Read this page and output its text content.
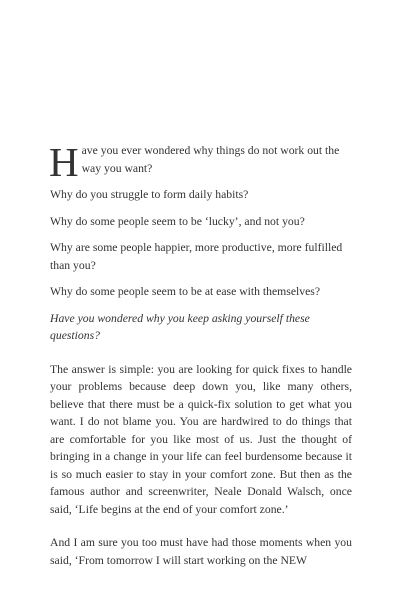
Have you ever wondered why things do not work out the way you want?

Why do you struggle to form daily habits?

Why do some people seem to be ‘lucky’, and not you?

Why are some people happier, more productive, more fulfilled than you?

Why do some people seem to be at ease with themselves?

Have you wondered why you keep asking yourself these questions?

The answer is simple: you are looking for quick fixes to handle your problems because deep down you, like many others, believe that there must be a quick-fix solution to get what you want. I do not blame you. You are hardwired to do things that are comfortable for you like most of us. Just the thought of bringing in a change in your life can feel burdensome because it is so much easier to stay in your comfort zone. But then as the famous author and screenwriter, Neale Donald Walsch, once said, ‘Life begins at the end of your comfort zone.’

And I am sure you too must have had those moments when you said, ‘From tomorrow I will start working on the NEW
